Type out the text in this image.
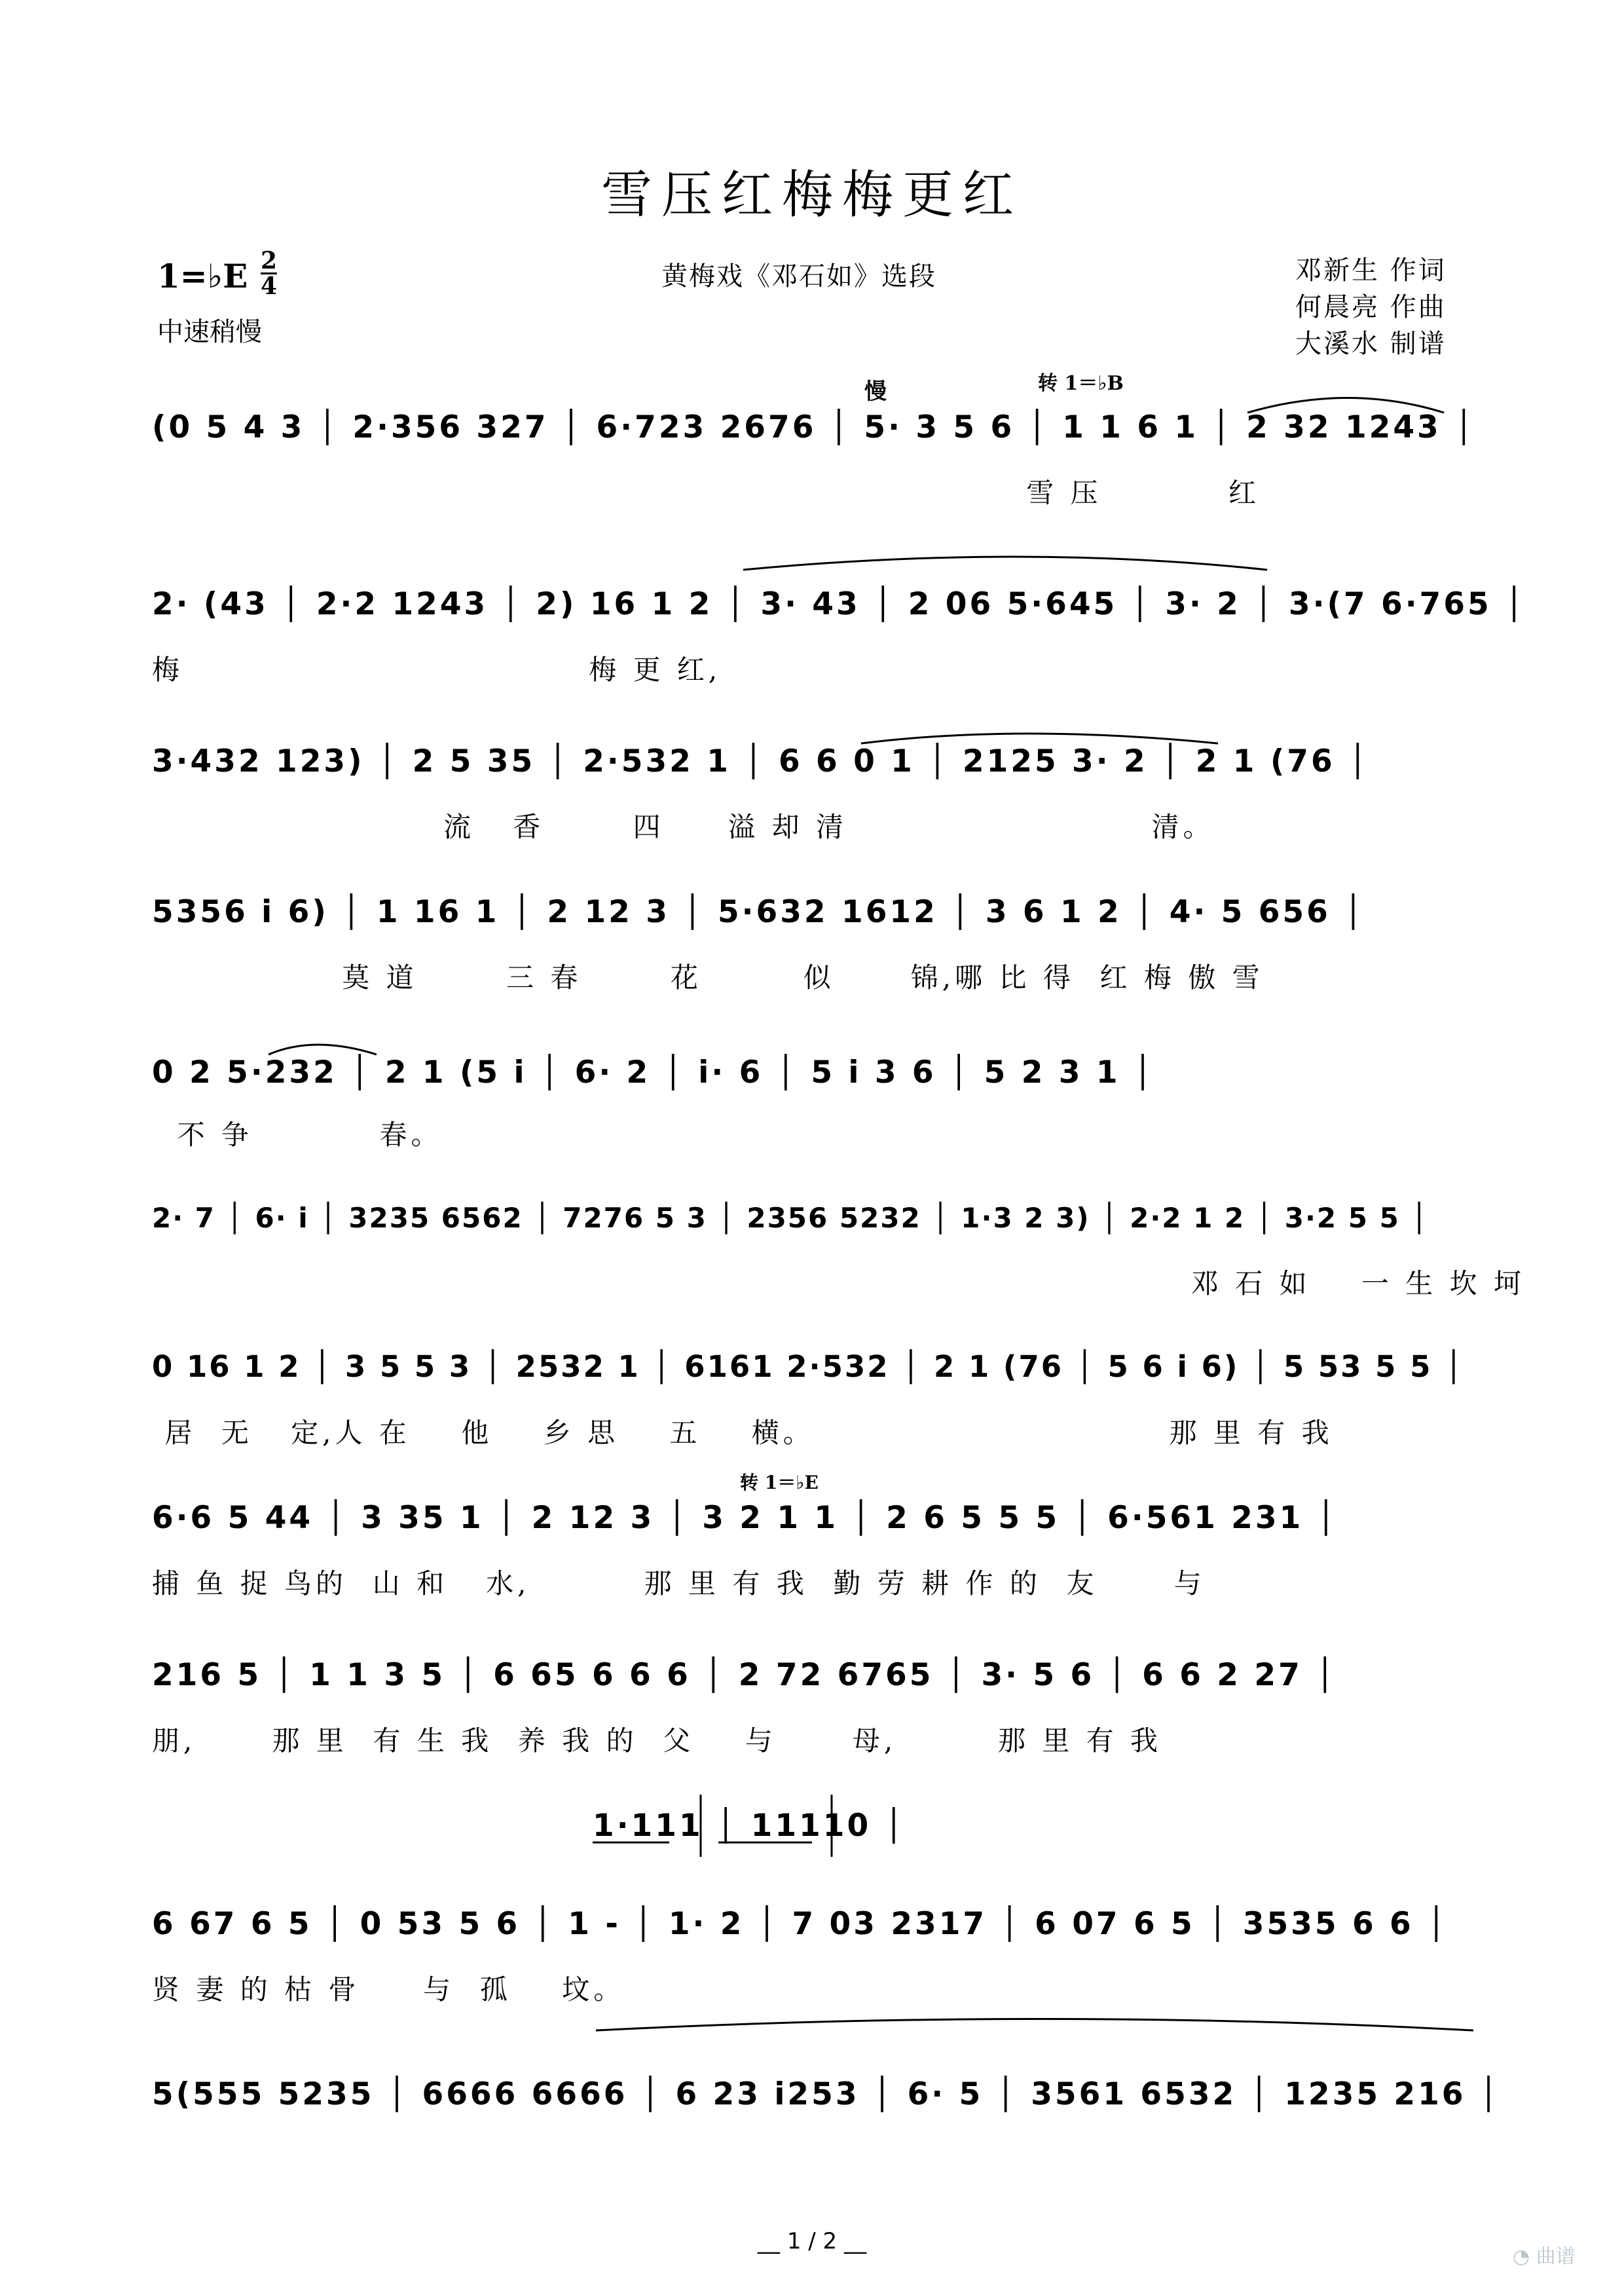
雪压红梅梅更红
1=♭E 2
4
中速稍慢
黄梅戏《邓石如》选段	邓新生 作词
何晨亮 作曲
大溪水 制谱
慢	转 1＝♭B
转 1＝♭E
(0 5 4 3 │ 2·356 327 │ 6·723 2676 │ 5· 3 5 6 │ 1 1 6 1 │ 2 32 1243 │
雪 压          红
2· (43 │ 2·2 1243 │ 2) 16 1 2 │ 3· 43 │ 2 06 5·645 │ 3· 2 │ 3·(7 6·765 │
梅                                梅 更 红,
3·432 123) │ 2 5 35 │ 2·532 1 │ 6 6 0 1 │ 2125 3· 2 │ 2 1 (76 │
流   香       四     溢 却 清                        清。
5356 i 6) │ 1 16 1 │ 2 12 3 │ 5·632 1612 │ 3 6 1 2 │ 4· 5 656 │
莫 道       三 春       花        似      锦,哪 比 得  红 梅 傲 雪
0 2 5·232 │ 2 1 (5 i │ 6· 2 │ i· 6 │ 5 i 3 6 │ 5 2 3 1 │
不 争          春。
2· 7 │ 6· i │ 3235 6562 │ 7276 5 3 │ 2356 5232 │ 1·3 2 3) │ 2·2 1 2 │ 3·2 5 5 │
邓 石 如    一 生 坎 坷
0 16 1 2 │ 3 5 5 3 │ 2532 1 │ 6161 2·532 │ 2 1 (76 │ 5 6 i 6) │ 5 53 5 5 │
居  无   定,人 在    他    乡 思    五    横。                            那 里 有 我
6·6 5 44 │ 3 35 1 │ 2 12 3 │ 3 2 1 1 │ 2 6 5 5 5 │ 6·561 231 │
捕 鱼 捉 鸟的  山 和   水,         那 里 有 我  勤 劳 耕 作 的  友      与
216 5 │ 1 1 3 5 │ 6 65 6 6 6 │ 2 72 6765 │ 3· 5 6 │ 6 6 2 27 │
朋,      那 里  有 生 我  养 我 的  父    与      母,        那 里 有 我
1·111 │ 11110 │
6 67 6 5 │ 0 53 5 6 │ 1 - │ 1· 2 │ 7 03 2317 │ 6 07 6 5 │ 3535 6 6 │
贤 妻 的 枯 骨     与  孤    坟。
5(555 5235 │ 6666 6666 │ 6 23 i253 │ 6· 5 │ 3561 6532 │ 1235 216 │
__ 1 / 2 __
◔ 曲谱
